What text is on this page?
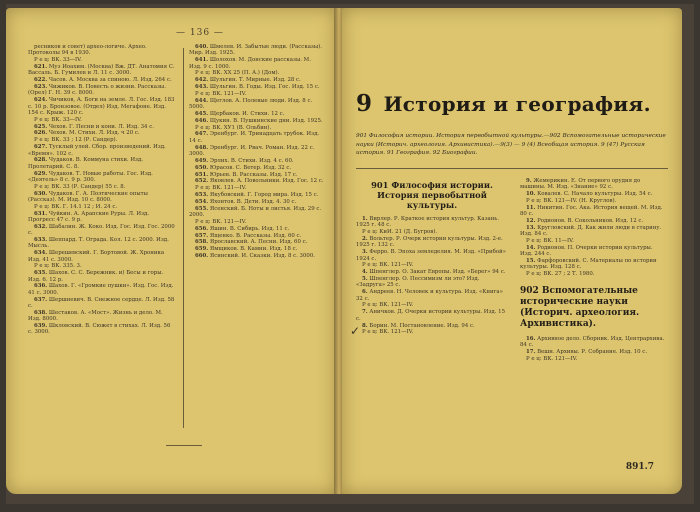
— 136 —
ресников и совет) архео-логиче. Архео. Протоколы 94 в 1930.
Р е ц: ВК. 33—IV.
621. Муз Иоахим. (Москва) Вж. ДТ. Анатомия С. Вассаль. Б. Гумилев и Л. 11 с. 3000.
622. Часов. А. Москва за спиною. Л. Изд. 264 с.
623. Чижиков. В. Повесть о жизни. Рассказы. (Орел) Г. Н. 39 с. 8000.
624. Чичиков, А. Боги на земле. Л. Гос. Изд. 183 с. 10 р. Бронзовое. (Отдел) Изд. Мегафоне. Изд. 154 с. Крыж. 120 с.
Р е ц: ВК. 33—IV.
625. Чехов. Г. Песни и кони. Л. Изд. 34 с.
626. Чехов. М. Стихи. Л. Изд. ч 20 с.
Р е ц: ВК. 33 ; 12 (Р. Сандер).
627. Тусклый улей. Сбор. произведений. Изд. «Время». 102 с.
628. Чудаков. В. Коммуна стихи. Изд. Пролетарий. С. 8.
629. Чудаков. Т. Новые работы. Гос. Изд. «Деятель» 8 с. 9 р. 300.
Р е ц: ВК. 33 (Р. Сандер) 55 с. 8.
630. Чудаков. Г. А. Поэтические опыты (Рассказ). М. Изд. 10 с. 8000.
Р е ц: ВК. Г. 14.1 12 ; И. 24 с.
631. Чуйкин. А. Арапские Руры. Л. Изд. Прогресс 47 с. 9 р.
632. Шабалин. Ж. Коко. Изд. Гос. Изд. Гос. 2000 с.
633. Шеппард. Т. Ограда. Кол. 12 с. 2000. Изд. Мысль.
634. Шерешевский. Г. Бортовой. Ж. Хроника Изд. 41 с. 3000.
Р е ц: ВК. 335. 3.
635. Шахов. С. С. Бережник. и) Бесы и горы. Изд. 6. 12 р.
636. Шахов. Г. «Громкие пушки». Изд. Гос. Изд. 41 с. 3000.
637. Шершневич. В. Снежное сердце. Л. Изд. 58 с.
638. Шестаков. А. «Мост». Жизнь и дело. М. Изд. 8000.
639. Шкловский. В. Сюжет в стихах. Л. Изд. 56 с. 3000.
640. Шмелев. И. Забытые люди. (Рассказы). Мир. Изд. 1925.
641. Шолохов. М. Донские рассказы. М. Изд. 9 с. 1000.
Р е ц: ВК. ХХ 25 (П. А.) (Дом).
642. Шульгин. Т. Мирные. Изд. 28 с.
643. Шульгин. В. Годы. Изд. Гос. Изд. 15 с.
Р е ц: ВК. 121—IV.
644. Щеглов. А. Полевые люди. Изд. 8 с. 5000.
645. Щербаков. И. Стихи. 12 с.
646. Щукин. В. Пушкинские дни. Изд. 1925.
Р е ц: ВК. ХУ1 (В. Ольбин).
647. Эренбург. И. Тринадцать трубок. Изд. 14 с.
648. Эренбург. И. Рвач. Роман. Изд. 22 с. 3000.
649. Эрлих. В. Стихи. Изд. 4 с. 60.
650. Юрасов. С. Ветер. Изд. 32 с.
651. Юрьев. В. Рассказы. Изд. 17 с.
652. Яковлев. А. Повольники. Изд. Гос. 12 с.
Р е ц: ВК. 121—IV.
653. Якубовский. Г. Город мира. Изд. 15 с.
654. Яхонтов. В. Дети. Изд. 4. 30 с.
655. Ясенский. Б. Ноты и листья. Изд. 29 с. 2000.
Р е ц: ВК. 121—IV.
656. Яшин. В. Сибирь. Изд. 11 с.
657. Ященко. В. Рассказы. Изд. 60 с.
658. Ярославский. А. Песни. Изд. 60 с.
659. Ямщиков. В. Камни. Изд. 18 с.
660. Ясинский. И. Сказки. Изд. 8 с. 3000.
9 История и география.
901 Философия истории. История первобытной культуры.—902 Вспомогательные исторические науки (Историч. археология. Архивистика).—9(3) — 9 (4) Всеобщая история. 9 (47) Русская история. 91 География. 92 Биографии.
✓
901 Философия истории. История первобытной культуры.
1. Вирлер. Р. Краткое история культур. Казань. 1925 г. 48 с.
Р е ц: КиИ. 21 (Д. Бугров).
2. Вольтер. Р. Очерк истории культуры. Изд. 2-е. 1925 г. 132 с.
3. Ферро. В. Эпоха земледелия. М. Изд. «Прибой» 1924 с.
Р е ц: ВК. 121—IV.
4. Шпенглер. О. Закат Европы. Изд. «Берег» 94 с.
5. Шпенглер. О. Пессимизм ли это? Изд. «Задруга» 25 с.
6. Андреев. Н. Человек и культура. Изд. «Книга» 32 с.
Р е ц: ВК. 121—IV.
7. Аничков. Д. Очерки истории культуры. Изд. 15 с.
8. Борин. М. Постановление. Изд. 94 с.
Р е ц: ВК. 121—IV.
9. Жемерикин. Е. От первого орудия до машины. М. Изд. «Знание» 92 с.
10. Ковалев. С. Начало культуры. Изд. 54 с.
Р е ц: ВК. 121—IV. (Н. Круглов).
11. Никитин. Гос. Ака. История вещей. М. Изд. 80 с.
12. Родионов. В. Сокольников. Изд. 12 с.
13. Кругловский. Д. Как жили люди в старину. Изд. 84 с.
Р е ц: ВК. 11—IV.
14. Родионов. П. Очерки истории культуры. Изд. 244 с.
15. Фарфоровский. С. Материалы по истории культуры. Изд. 128 с.
Р е ц: ВК. 27 ; 2 Т. 1980.
902 Вспомогательные исторические науки (Историч. археология. Архивистика).
16. Архивное дело. Сборник. Изд. Центрархива. 84 с.
17. Вешн. Архивы. Р. Собрание. Изд. 10 с.
Р е ц: ВК. 121—IV.
891.7
